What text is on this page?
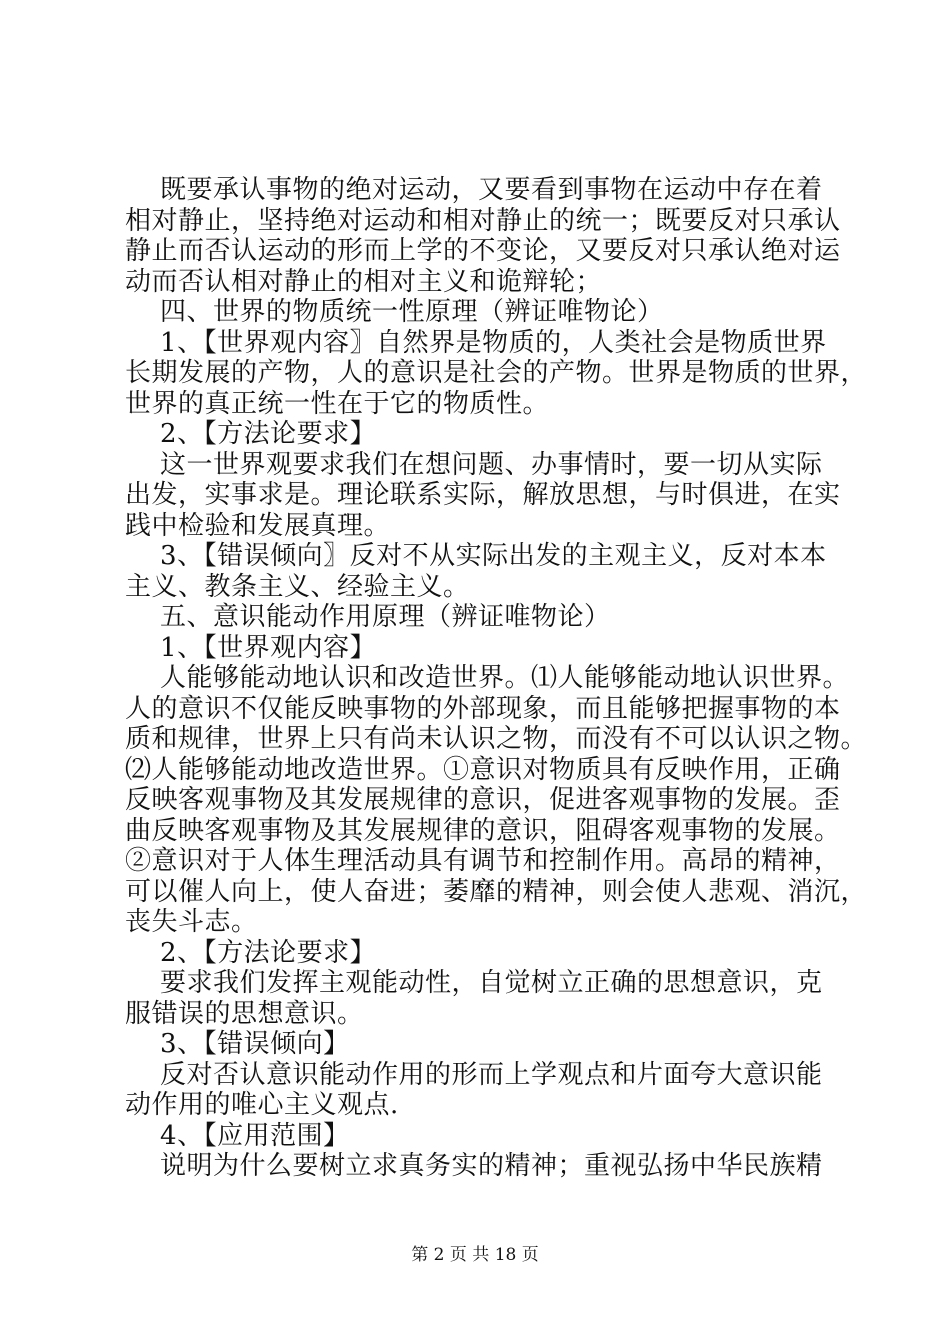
既要承认事物的绝对运动，又要看到事物在运动中存在着
相对静止，坚持绝对运动和相对静止的统一；既要反对只承认
静止而否认运动的形而上学的不变论，又要反对只承认绝对运
动而否认相对静止的相对主义和诡辩轮；
四、世界的物质统一性原理（辨证唯物论）
1、【世界观内容〗自然界是物质的，人类社会是物质世界
长期发展的产物，人的意识是社会的产物。世界是物质的世界，
世界的真正统一性在于它的物质性。
2、【方法论要求】
这一世界观要求我们在想问题、办事情时，要一切从实际
出发，实事求是。理论联系实际，解放思想，与时俱进，在实
践中检验和发展真理。
3、【错误倾向〗反对不从实际出发的主观主义，反对本本
主义、教条主义、经验主义。
五、意识能动作用原理（辨证唯物论）
1、【世界观内容】
人能够能动地认识和改造世界。⑴人能够能动地认识世界。
人的意识不仅能反映事物的外部现象，而且能够把握事物的本
质和规律，世界上只有尚未认识之物，而没有不可以认识之物。
⑵人能够能动地改造世界。①意识对物质具有反映作用，正确
反映客观事物及其发展规律的意识，促进客观事物的发展。歪
曲反映客观事物及其发展规律的意识，阻碍客观事物的发展。
②意识对于人体生理活动具有调节和控制作用。高昂的精神，
可以催人向上，使人奋进；萎靡的精神，则会使人悲观、消沉，
丧失斗志。
2、【方法论要求】
要求我们发挥主观能动性，自觉树立正确的思想意识，克
服错误的思想意识。
3、【错误倾向】
反对否认意识能动作用的形而上学观点和片面夸大意识能
动作用的唯心主义观点.
4、【应用范围】
说明为什么要树立求真务实的精神；重视弘扬中华民族精
第 2 页 共 18 页
